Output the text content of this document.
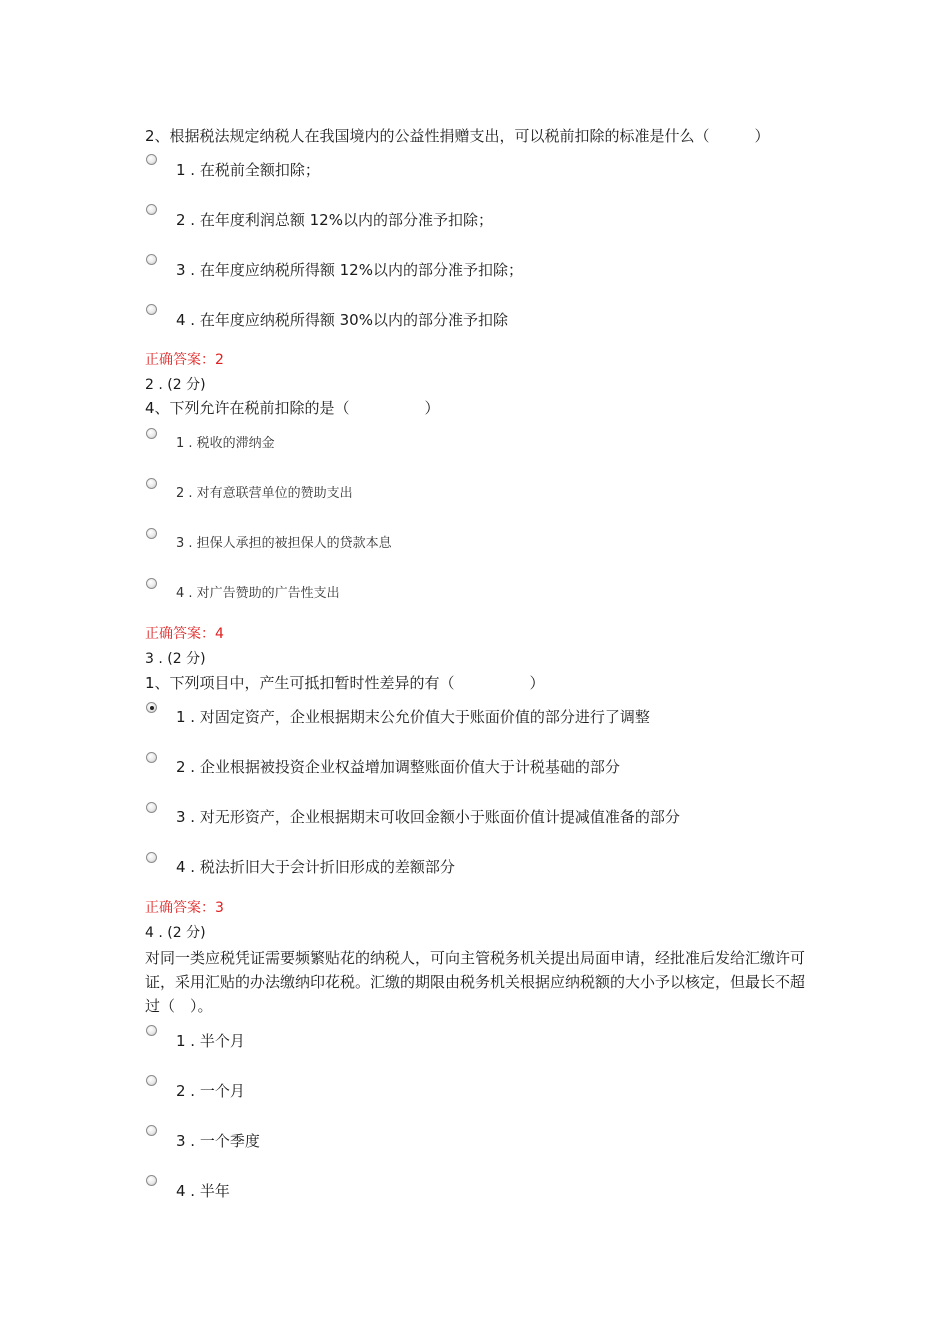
2、根据税法规定纳税人在我国境内的公益性捐赠支出，可以税前扣除的标准是什么（　　　）
1 . 在税前全额扣除；
2 . 在年度利润总额 12%以内的部分准予扣除；
3 . 在年度应纳税所得额 12%以内的部分准予扣除；
4 . 在年度应纳税所得额 30%以内的部分准予扣除
正确答案：2
2 . (2 分)
4、下列允许在税前扣除的是（　　　　　）
1 . 税收的滞纳金
2 . 对有意联营单位的赞助支出
3 . 担保人承担的被担保人的贷款本息
4 . 对广告赞助的广告性支出
正确答案：4
3 . (2 分)
1、下列项目中，产生可抵扣暂时性差异的有（　　　　　）
1 . 对固定资产，企业根据期末公允价值大于账面价值的部分进行了调整
2 . 企业根据被投资企业权益增加调整账面价值大于计税基础的部分
3 . 对无形资产，企业根据期末可收回金额小于账面价值计提减值准备的部分
4 . 税法折旧大于会计折旧形成的差额部分
正确答案：3
4 . (2 分)
对同一类应税凭证需要频繁贴花的纳税人，可向主管税务机关提出局面申请，经批准后发给汇缴许可证，采用汇贴的办法缴纳印花税。汇缴的期限由税务机关根据应纳税额的大小予以核定，但最长不超过（　）。
1 . 半个月
2 . 一个月
3 . 一个季度
4 . 半年
